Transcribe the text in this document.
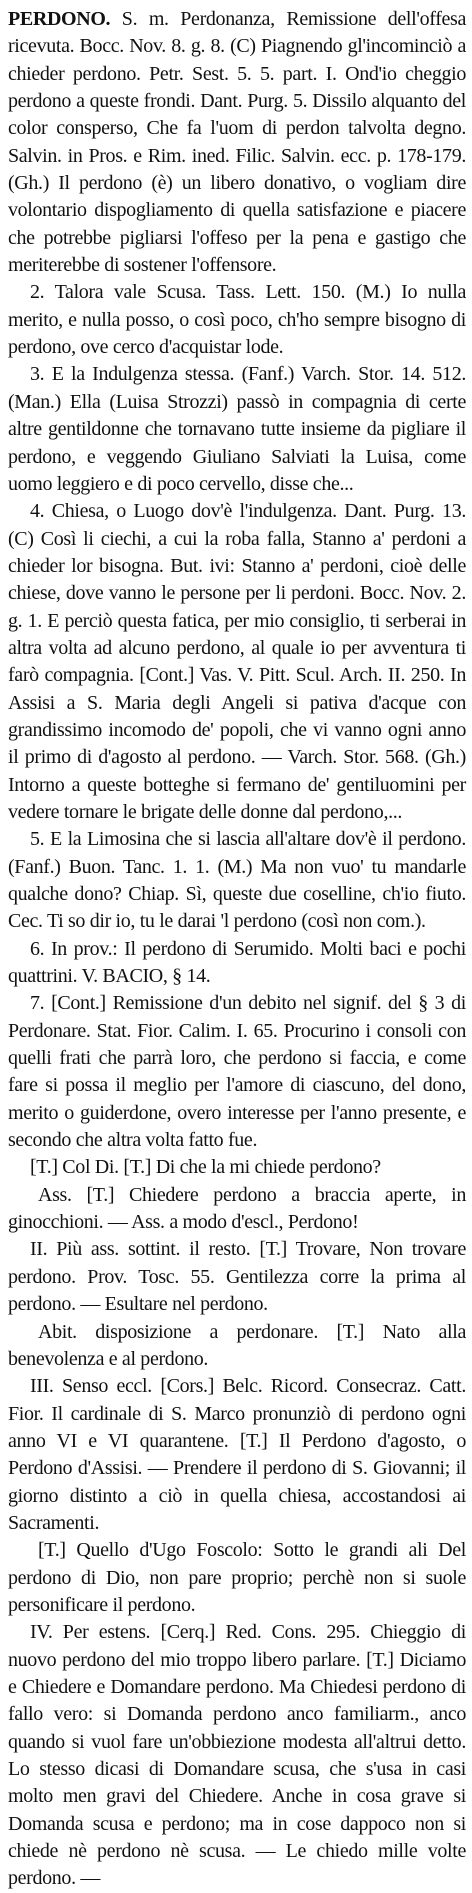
PERDONO. S. m. Perdonanza, Remissione dell'offesa ricevuta. Bocc. Nov. 8. g. 8. (C) Piagnendo gl'incominciò a chieder perdono. Petr. Sest. 5. 5. part. I. Ond'io cheggio perdono a queste frondi. Dant. Purg. 5. Dissilo alquanto del color consperso, Che fa l'uom di perdon talvolta degno. Salvin. in Pros. e Rim. ined. Filic. Salvin. ecc. p. 178-179. (Gh.) Il perdono (è) un libero donativo, o vogliam dire volontario dispogliamento di quella satisfazione e piacere che potrebbe pigliarsi l'offeso per la pena e gastigo che meriterebbe di sostener l'offensore.

2. Talora vale Scusa. Tass. Lett. 150. (M.) Io nulla merito, e nulla posso, o così poco, ch'ho sempre bisogno di perdono, ove cerco d'acquistar lode.

3. E la Indulgenza stessa. (Fanf.) Varch. Stor. 14. 512. (Man.) Ella (Luisa Strozzi) passò in compagnia di certe altre gentildonne che tornavano tutte insieme da pigliare il perdono, e veggendo Giuliano Salviati la Luisa, come uomo leggiero e di poco cervello, disse che...

4. Chiesa, o Luogo dov'è l'indulgenza. Dant. Purg. 13. (C) Così li ciechi, a cui la roba falla, Stanno a' perdoni a chieder lor bisogna. But. ivi: Stanno a' perdoni, cioè delle chiese, dove vanno le persone per li perdoni. Bocc. Nov. 2. g. 1. E perciò questa fatica, per mio consiglio, ti serberai in altra volta ad alcuno perdono, al quale io per avventura ti farò compagnia. [Cont.] Vas. V. Pitt. Scul. Arch. II. 250. In Assisi a S. Maria degli Angeli si pativa d'acque con grandissimo incomodo de' popoli, che vi vanno ogni anno il primo di d'agosto al perdono. — Varch. Stor. 568. (Gh.) Intorno a queste botteghe si fermano de' gentiluomini per vedere tornare le brigate delle donne dal perdono,...

5. E la Limosina che si lascia all'altare dov'è il perdono. (Fanf.) Buon. Tanc. 1. 1. (M.) Ma non vuo' tu mandarle qualche dono? Chiap. Sì, queste due coselline, ch'io fiuto. Cec. Ti so dir io, tu le darai 'l perdono (così non com.).

6. In prov.: Il perdono di Serumido. Molti baci e pochi quattrini. V. BACIO, § 14.

7. [Cont.] Remissione d'un debito nel signif. del § 3 di Perdonare. Stat. Fior. Calim. I. 65. Procurino i consoli con quelli frati che parrà loro, che perdono si faccia, e come fare si possa il meglio per l'amore di ciascuno, del dono, merito o guiderdone, overo interesse per l'anno presente, e secondo che altra volta fatto fue.

[T.] Col Di. [T.] Di che la mi chiede perdono?

Ass. [T.] Chiedere perdono a braccia aperte, in ginocchioni. — Ass. a modo d'escl., Perdono!

II. Più ass. sottint. il resto. [T.] Trovare, Non trovare perdono. Prov. Tosc. 55. Gentilezza corre la prima al perdono. — Esultare nel perdono.

Abit. disposizione a perdonare. [T.] Nato alla benevolenza e al perdono.

III. Senso eccl. [Cors.] Belc. Ricord. Consecraz. Catt. Fior. Il cardinale di S. Marco pronunziò di perdono ogni anno VI e VI quarantene. [T.] Il Perdono d'agosto, o Perdono d'Assisi. — Prendere il perdono di S. Giovanni; il giorno distinto a ciò in quella chiesa, accostandosi ai Sacramenti.

[T.] Quello d'Ugo Foscolo: Sotto le grandi ali Del perdono di Dio, non pare proprio; perchè non si suole personificare il perdono.

IV. Per estens. [Cerq.] Red. Cons. 295. Chieggio di nuovo perdono del mio troppo libero parlare. [T.] Diciamo e Chiedere e Domandare perdono. Ma Chiedesi perdono di fallo vero: si Domanda perdono anco familiarm., anco quando si vuol fare un'obbiezione modesta all'altrui detto. Lo stesso dicasi di Domandare scusa, che s'usa in casi molto men gravi del Chiedere. Anche in cosa grave si Domanda scusa e perdono; ma in cose dappoco non si chiede nè perdono nè scusa. — Le chiedo mille volte perdono. —
